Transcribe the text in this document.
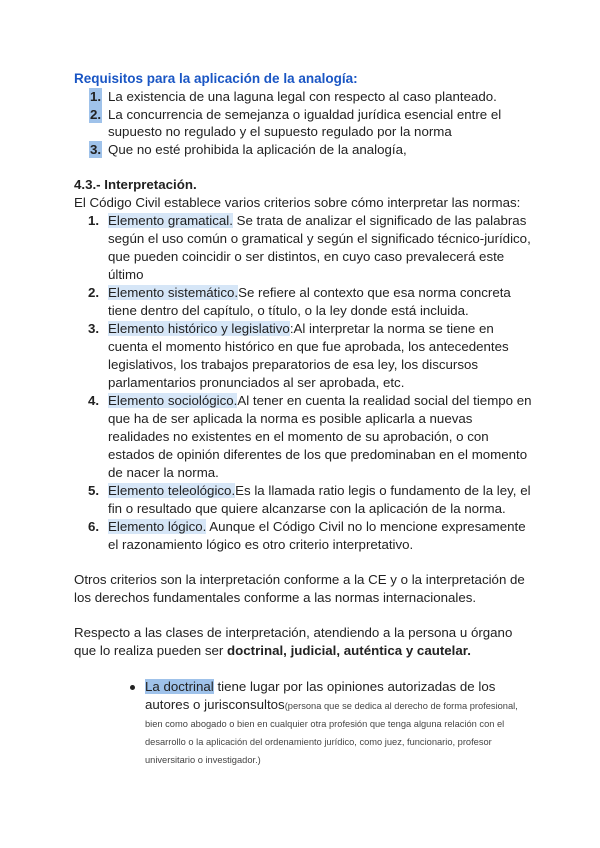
Requisitos para la aplicación de la analogía:
1. La existencia de una laguna legal con respecto al caso planteado.
2. La concurrencia de semejanza o igualdad jurídica esencial entre el supuesto no regulado y el supuesto regulado por la norma
3. Que no esté prohibida la aplicación de la analogía,
4.3.- Interpretación.

El Código Civil establece varios criterios sobre cómo interpretar las normas:

1. Elemento gramatical. Se trata de analizar el significado de las palabras según el uso común o gramatical y según el significado técnico-jurídico, que pueden coincidir o ser distintos, en cuyo caso prevalecerá este último
2. Elemento sistemático.Se refiere al contexto que esa norma concreta tiene dentro del capítulo, o título, o la ley donde está incluida.
3. Elemento histórico y legislativo:Al interpretar la norma se tiene en cuenta el momento histórico en que fue aprobada, los antecedentes legislativos, los trabajos preparatorios de esa ley, los discursos parlamentarios pronunciados al ser aprobada, etc.
4. Elemento sociológico.Al tener en cuenta la realidad social del tiempo en que ha de ser aplicada la norma es posible aplicarla a nuevas realidades no existentes en el momento de su aprobación, o con estados de opinión diferentes de los que predominaban en el momento de nacer la norma.
5. Elemento teleológico.Es la llamada ratio legis o fundamento de la ley, el fin o resultado que quiere alcanzarse con la aplicación de la norma.
6. Elemento lógico. Aunque el Código Civil no lo mencione expresamente el razonamiento lógico es otro criterio interpretativo.

Otros criterios son la interpretación conforme a la CE y o la interpretación de los derechos fundamentales conforme a las normas internacionales.

Respecto a las clases de interpretación, atendiendo a la persona u órgano que lo realiza pueden ser doctrinal, judicial, auténtica y cautelar.

La doctrinal tiene lugar por las opiniones autorizadas de los autores o jurisconsultos(persona que se dedica al derecho de forma profesional, bien como abogado o bien en cualquier otra profesión que tenga alguna relación con el desarrollo o la aplicación del ordenamiento jurídico, como juez, funcionario, profesor universitario o investigador.)
